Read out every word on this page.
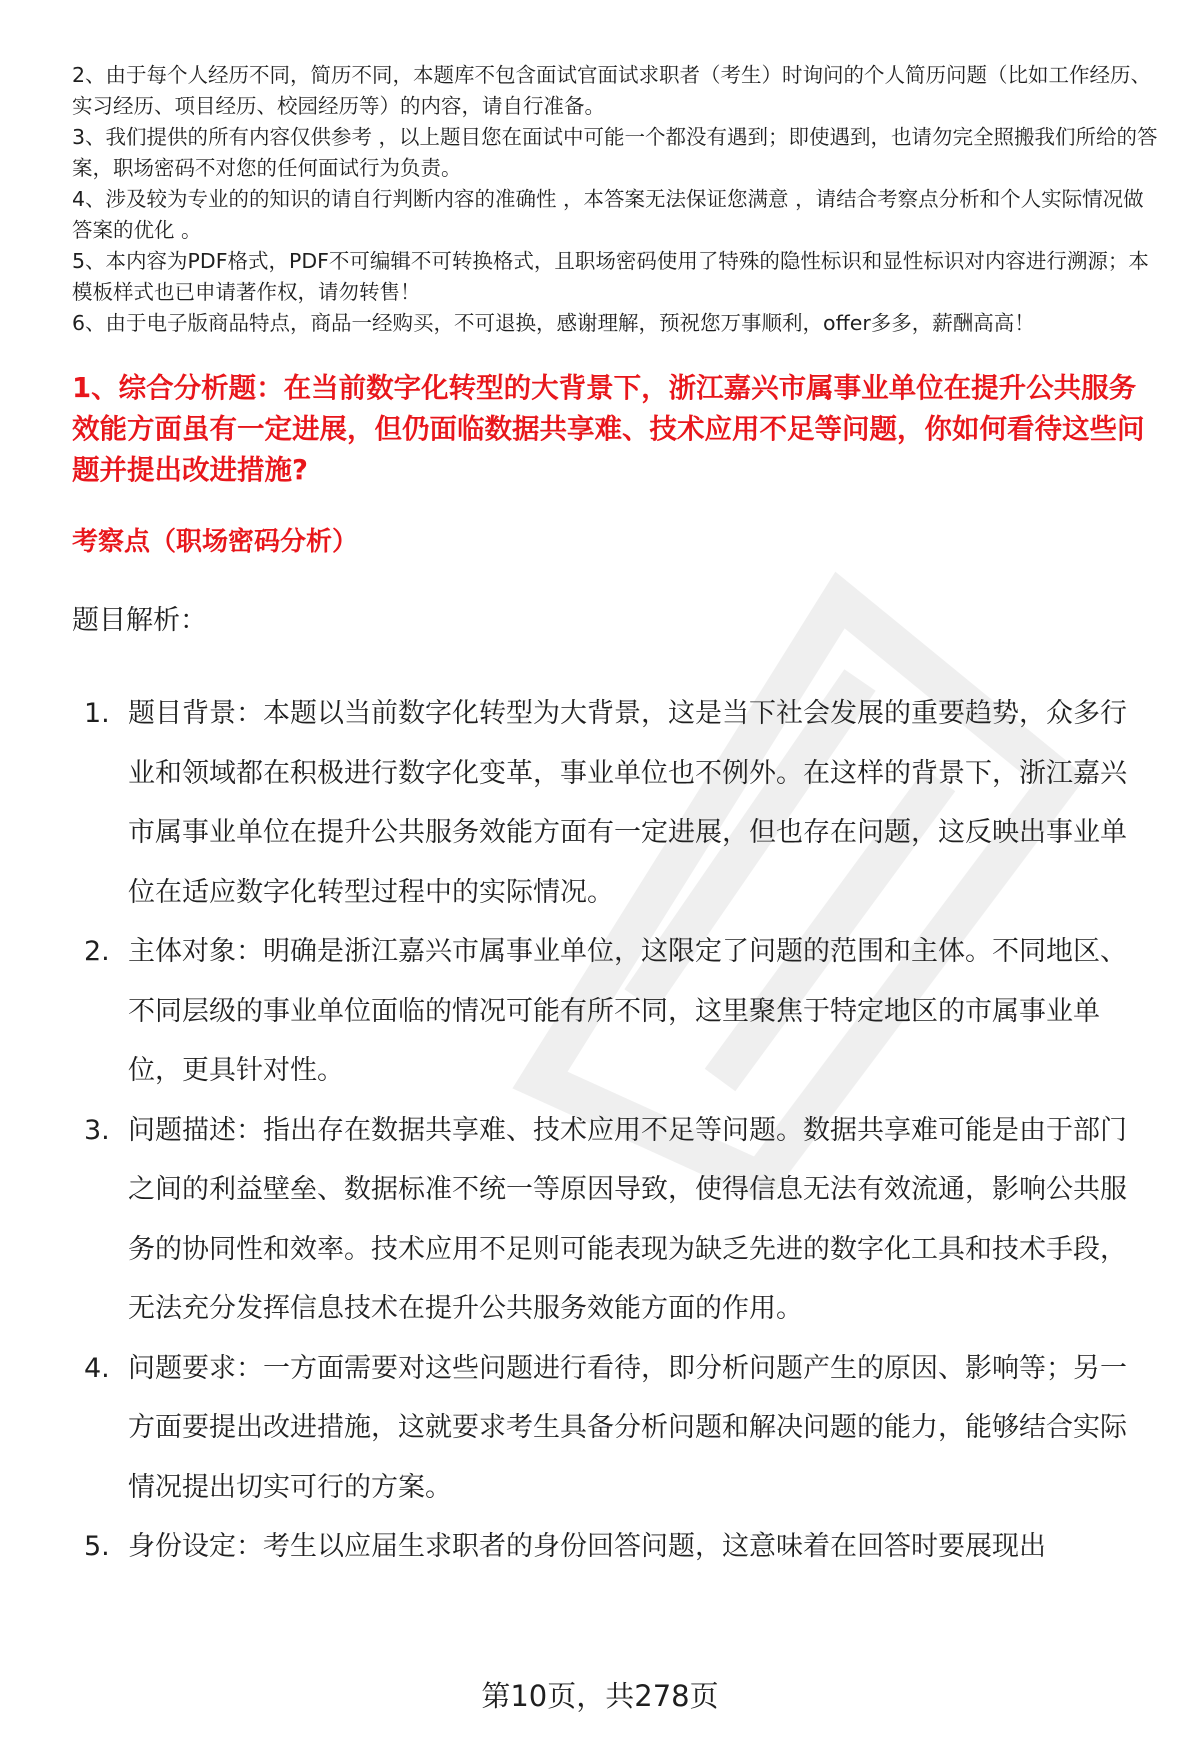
2、由于每个人经历不同，简历不同，本题库不包含面试官面试求职者（考生）时询问的个人简历问题（比如工作经历、实习经历、项目经历、校园经历等）的内容，请自行准备。

3、我们提供的所有内容仅供参考 ，以上题目您在面试中可能一个都没有遇到；即使遇到，也请勿完全照搬我们所给的答案，职场密码不对您的任何面试行为负责。

4、涉及较为专业的的知识的请自行判断内容的准确性 ，本答案无法保证您满意 ，请结合考察点分析和个人实际情况做答案的优化 。

5、本内容为PDF格式，PDF不可编辑不可转换格式，且职场密码使用了特殊的隐性标识和显性标识对内容进行溯源；本模板样式也已申请著作权，请勿转售！

6、由于电子版商品特点，商品一经购买，不可退换，感谢理解，预祝您万事顺利，offer多多，薪酬高高！

1、综合分析题：在当前数字化转型的大背景下，浙江嘉兴市属事业单位在提升公共服务效能方面虽有一定进展，但仍面临数据共享难、技术应用不足等问题，你如何看待这些问题并提出改进措施?
考察点（职场密码分析）

题目解析：

1. 题目背景：本题以当前数字化转型为大背景，这是当下社会发展的重要趋势，众多行业和领域都在积极进行数字化变革，事业单位也不例外。在这样的背景下，浙江嘉兴市属事业单位在提升公共服务效能方面有一定进展，但也存在问题，这反映出事业单位在适应数字化转型过程中的实际情况。
2. 主体对象：明确是浙江嘉兴市属事业单位，这限定了问题的范围和主体。不同地区、不同层级的事业单位面临的情况可能有所不同，这里聚焦于特定地区的市属事业单位，更具针对性。
3. 问题描述：指出存在数据共享难、技术应用不足等问题。数据共享难可能是由于部门之间的利益壁垒、数据标准不统一等原因导致，使得信息无法有效流通，影响公共服务的协同性和效率。技术应用不足则可能表现为缺乏先进的数字化工具和技术手段，无法充分发挥信息技术在提升公共服务效能方面的作用。
4. 问题要求：一方面需要对这些问题进行看待，即分析问题产生的原因、影响等；另一方面要提出改进措施，这就要求考生具备分析问题和解决问题的能力，能够结合实际情况提出切实可行的方案。
5. 身份设定：考生以应届生求职者的身份回答问题，这意味着在回答时要展现出
第10页，共278页
